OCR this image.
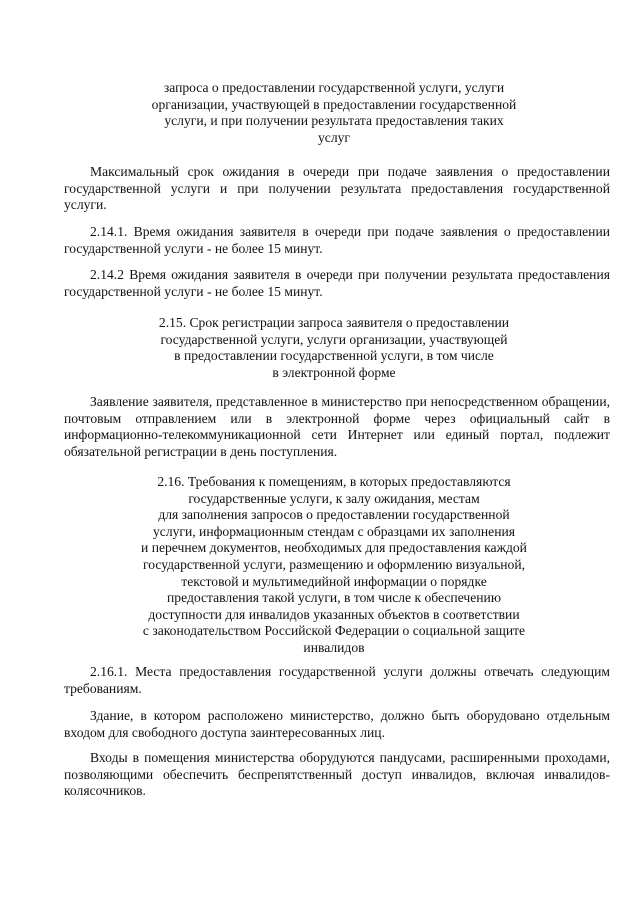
запроса о предоставлении государственной услуги, услуги
организации, участвующей в предоставлении государственной
услуги, и при получении результата предоставления таких
услуг
Максимальный срок ожидания в очереди при подаче заявления о предоставлении государственной услуги и при получении результата предоставления государственной услуги.
2.14.1. Время ожидания заявителя в очереди при подаче заявления о предоставлении государственной услуги - не более 15 минут.
2.14.2 Время ожидания заявителя в очереди при получении результата предоставления государственной услуги - не более 15 минут.
2.15. Срок регистрации запроса заявителя о предоставлении
государственной услуги, услуги организации, участвующей
в предоставлении государственной услуги, в том числе
в электронной форме
Заявление заявителя, представленное в министерство при непосредственном обращении, почтовым отправлением или в электронной форме через официальный сайт в информационно-телекоммуникационной сети Интернет или единый портал, подлежит обязательной регистрации в день поступления.
2.16. Требования к помещениям, в которых предоставляются
государственные услуги, к залу ожидания, местам
для заполнения запросов о предоставлении государственной
услуги, информационным стендам с образцами их заполнения
и перечнем документов, необходимых для предоставления каждой
государственной услуги, размещению и оформлению визуальной,
текстовой и мультимедийной информации о порядке
предоставления такой услуги, в том числе к обеспечению
доступности для инвалидов указанных объектов в соответствии
с законодательством Российской Федерации о социальной защите
инвалидов
2.16.1. Места предоставления государственной услуги должны отвечать следующим требованиям.
Здание, в котором расположено министерство, должно быть оборудовано отдельным входом для свободного доступа заинтересованных лиц.
Входы в помещения министерства оборудуются пандусами, расширенными проходами, позволяющими обеспечить беспрепятственный доступ инвалидов, включая инвалидов-колясочников.
